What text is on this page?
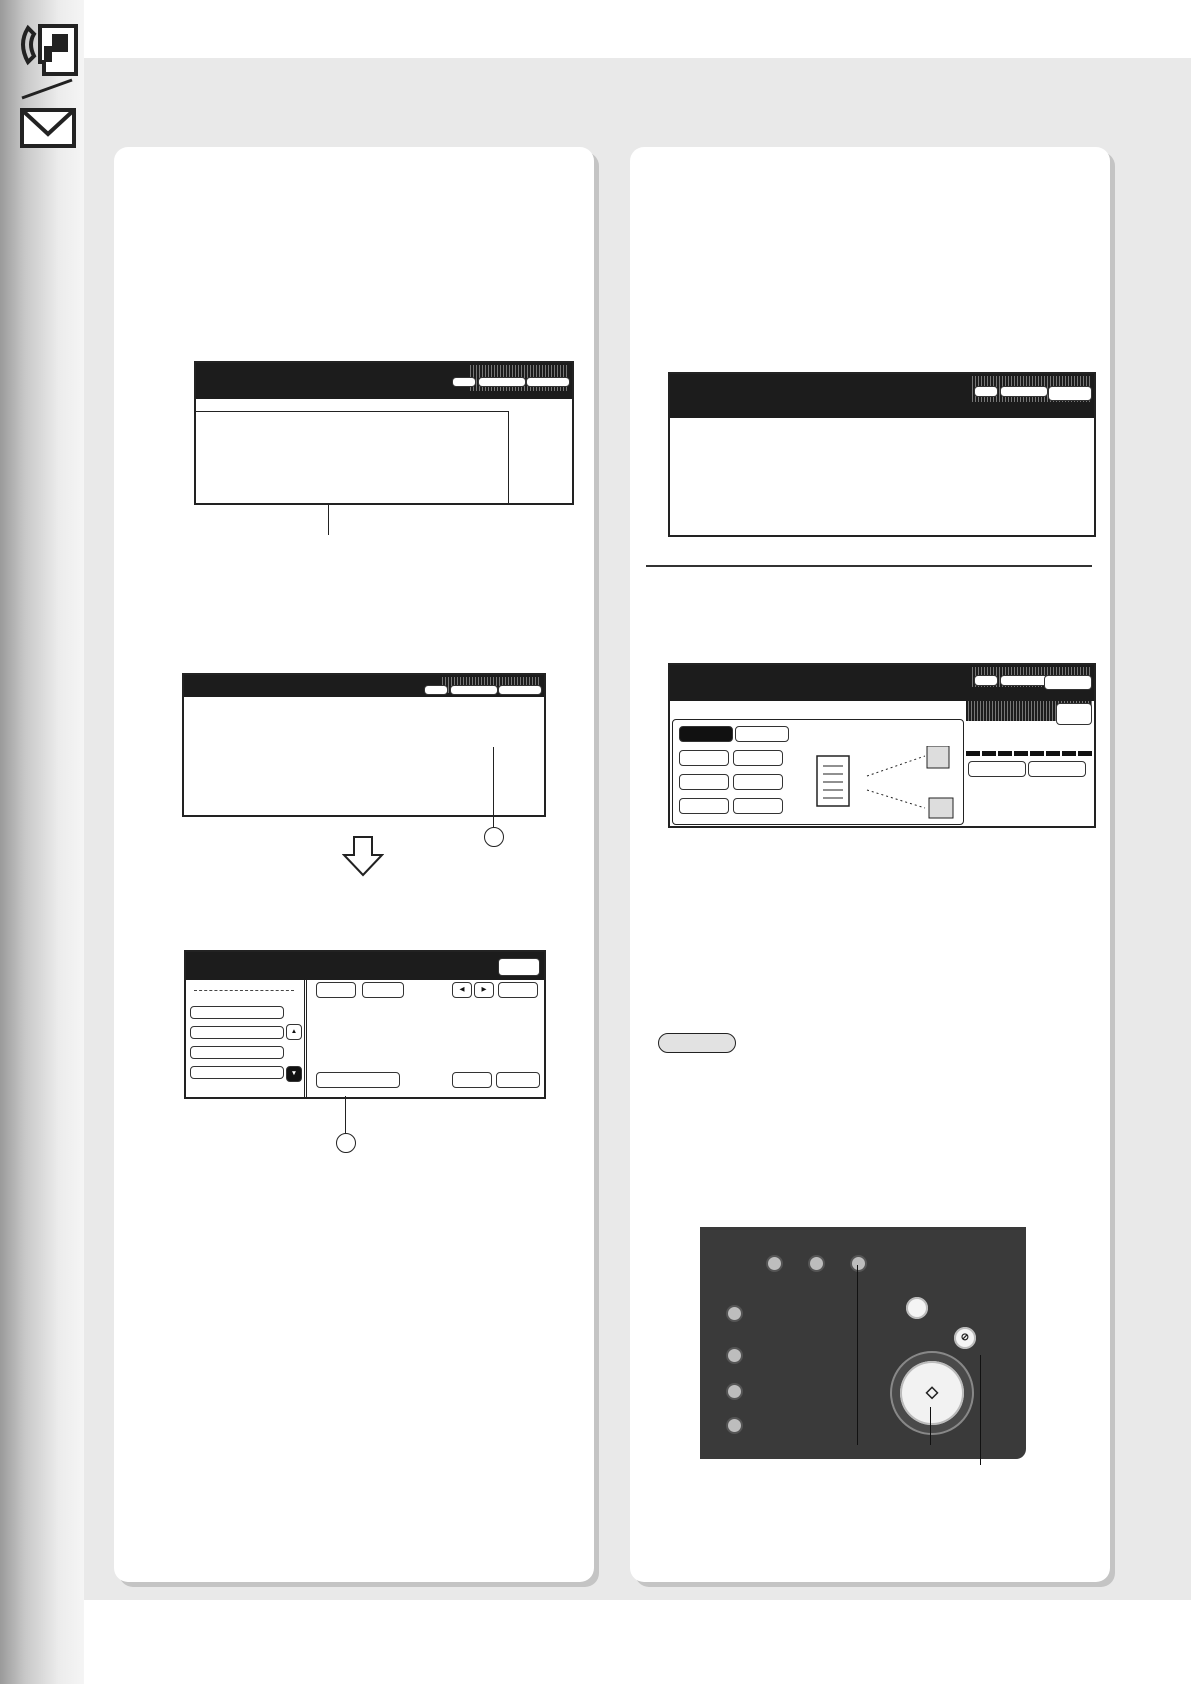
▲
▼
◀	▶
⊘
◇
